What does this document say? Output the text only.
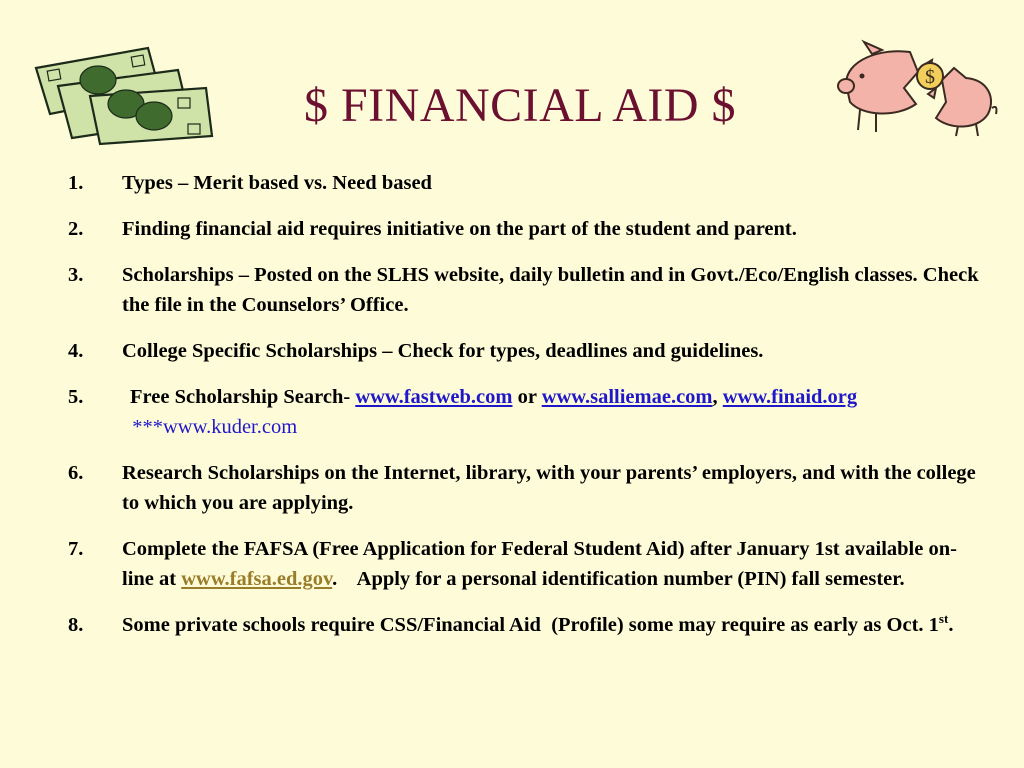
$ FINANCIAL AID $
$
1.	Types – Merit based vs. Need based
2.	Finding financial aid requires initiative on the part of the student and parent.
3.	Scholarships – Posted on the SLHS website, daily bulletin and in Govt./Eco/English classes. Check the file in the Counselors’ Office.
4.	College Specific Scholarships – Check for types, deadlines and guidelines.
5.	Free Scholarship Search- www.fastweb.com or www.salliemae.com, www.finaid.org   ***www.kuder.com
6.	Research Scholarships on the Internet, library, with your parents’ employers, and with the college to which you are applying.
7.	Complete the FAFSA (Free Application for Federal Student Aid) after January 1st available on-line at www.fafsa.ed.gov.    Apply for a personal identification number (PIN) fall semester.
8.	Some private schools require CSS/Financial Aid  (Profile) some may require as early as Oct. 1st.
